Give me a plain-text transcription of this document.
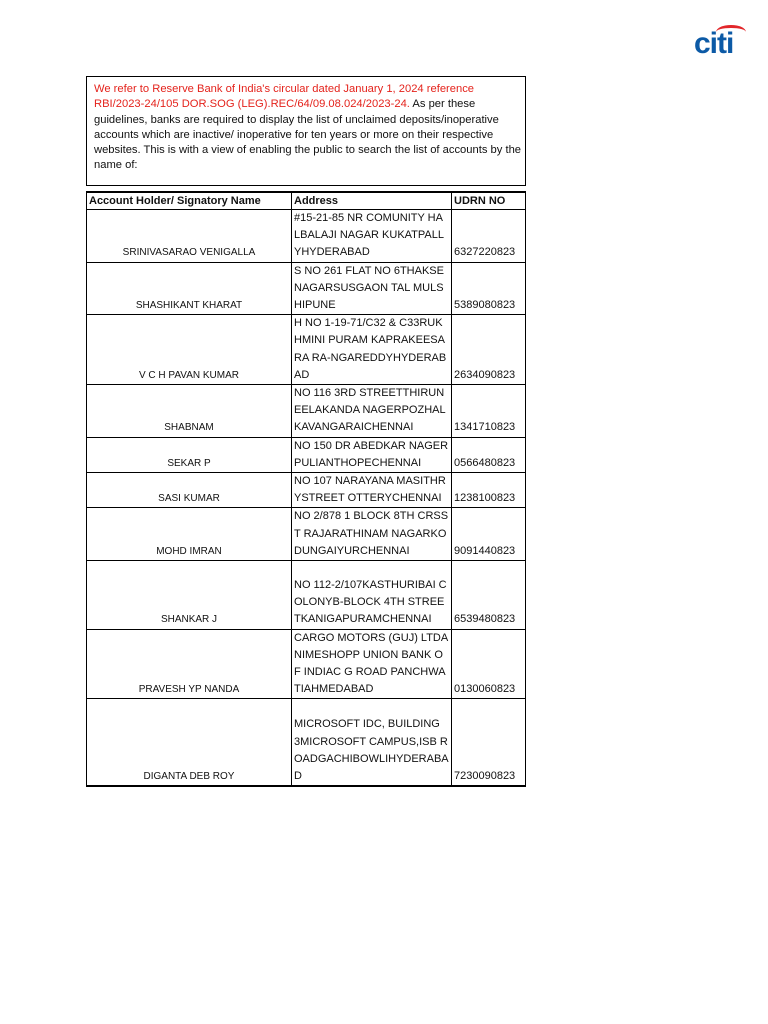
citi
We refer to Reserve Bank of India's circular dated January 1, 2024 reference RBI/2023-24/105 DOR.SOG (LEG).REC/64/09.08.024/2023-24. As per these guidelines, banks are required to display the list of unclaimed deposits/inoperative accounts which are inactive/ inoperative for ten years or more on their respective websites. This is with a view of enabling the public to search the list of accounts by the name of:
Account Holder/ Signatory Name	Address	UDRN NO
SRINIVASARAO VENIGALLA	#15-21-85 NR COMUNITY HALBALAJI NAGAR KUKATPALLYHYDERABAD	6327220823
SHASHIKANT KHARAT	S NO 261 FLAT NO 6THAKSENAGARSUSGAON TAL MULSHIPUNE	5389080823
V C H PAVAN KUMAR	H NO 1-19-71/C32 & C33RUKHMINI PURAM KAPRAKEESARA RA-NGAREDDYHYDERABAD	2634090823
SHABNAM	NO 116 3RD STREETTHIRUNEELAKANDA NAGERPOZHAL KAVANGARAICHENNAI	1341710823
SEKAR P	NO 150 DR ABEDKAR NAGERPULIANTHOPECHENNAI	0566480823
SASI KUMAR	NO 107 NARAYANA MASITHRYSTREET OTTERYCHENNAI	1238100823
MOHD IMRAN	NO 2/878 1 BLOCK 8TH CRSST RAJARATHINAM NAGARKODUNGAIYURCHENNAI	9091440823
SHANKAR J	NO 112-2/107KASTHURIBAI COLONYB-BLOCK 4TH STREETKANIGAPURAMCHENNAI	6539480823
PRAVESH YP NANDA	CARGO MOTORS (GUJ) LTDANIMESHOPP UNION BANK OF INDIAC G ROAD PANCHWATIAHMEDABAD	0130060823
DIGANTA DEB ROY	MICROSOFT IDC, BUILDING 3MICROSOFT CAMPUS,ISB ROADGACHIBOWLIHYDERABAD	7230090823
